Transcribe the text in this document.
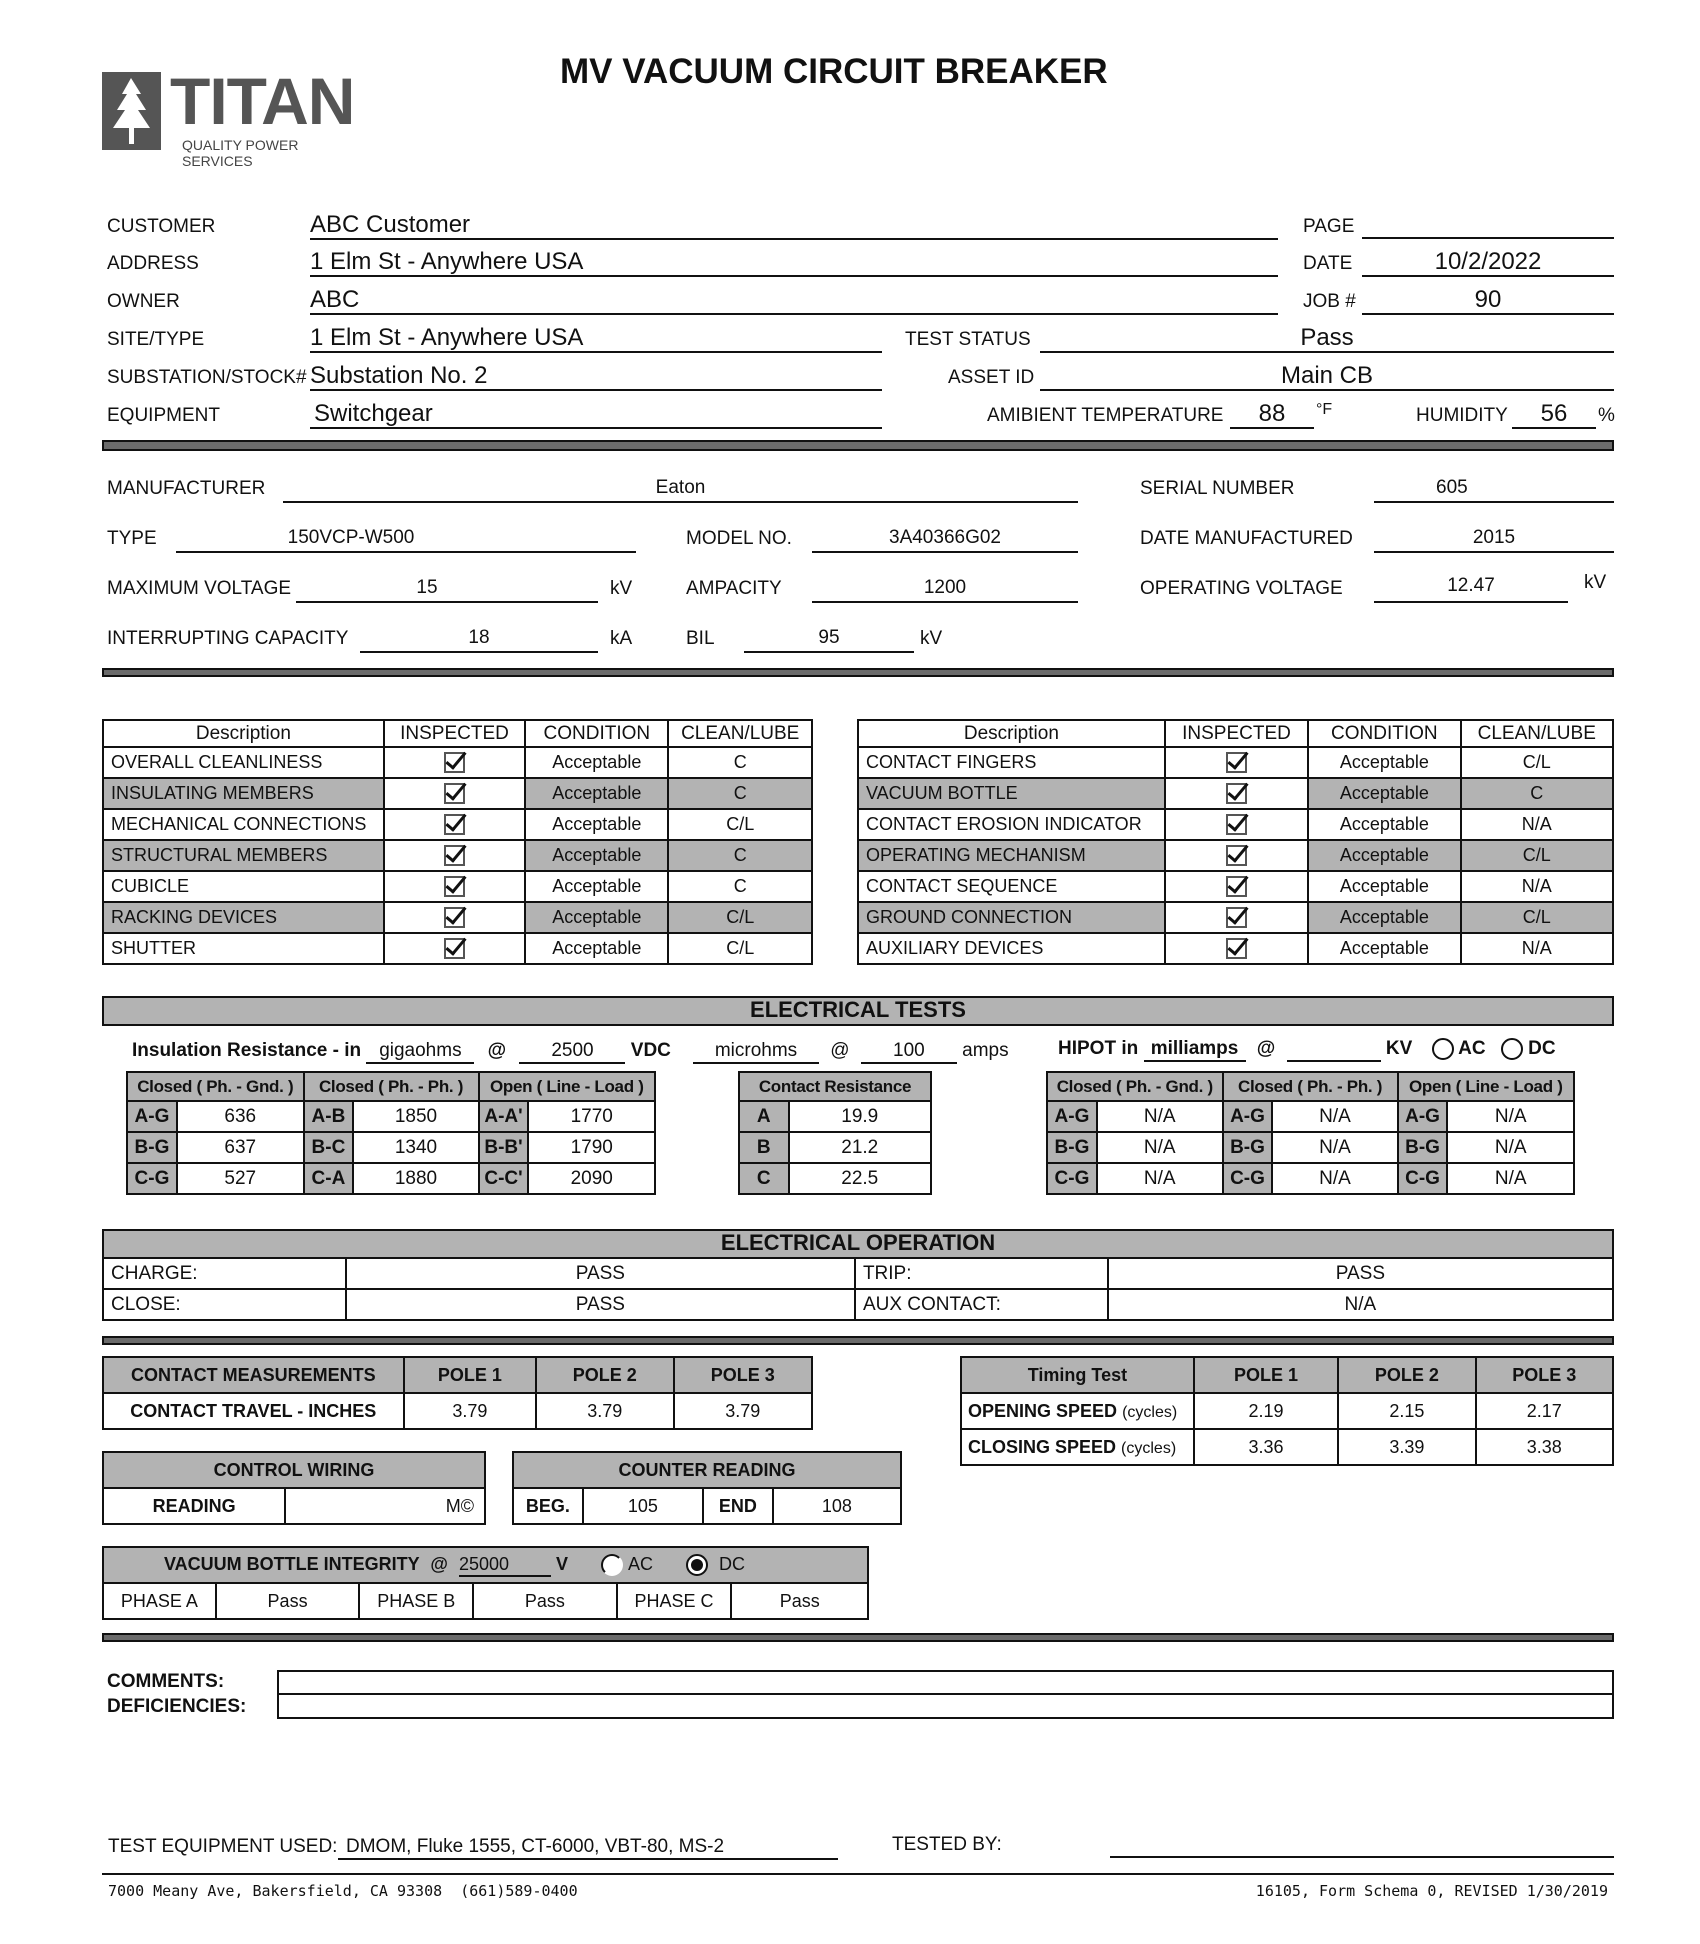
TITAN
QUALITY POWER SERVICES
MV VACUUM CIRCUIT BREAKER
CUSTOMER	ABC Customer
ADDRESS	1 Elm St - Anywhere USA
OWNER	ABC
SITE/TYPE	1 Elm St - Anywhere USA
SUBSTATION/STOCK# Substation No. 2
EQUIPMENT	Switchgear
PAGE
DATE	10/2/2022
JOB #	90
TEST STATUS	Pass
ASSET ID	Main CB
AMIBIENT TEMPERATURE	88	°F	HUMIDITY	56	%
MANUFACTURER	Eaton	SERIAL NUMBER	605
TYPE	150VCP-W500	MODEL NO.	3A40366G02	DATE MANUFACTURED	2015
MAXIMUM VOLTAGE	15	kV	AMPACITY	1200	OPERATING VOLTAGE	12.47	kV
INTERRUPTING CAPACITY	18	kA	BIL	95	kV
Description	INSPECTED	CONDITION	CLEAN/LUBE
OVERALL CLEANLINESS		Acceptable	C
INSULATING MEMBERS		Acceptable	C
MECHANICAL CONNECTIONS		Acceptable	C/L
STRUCTURAL MEMBERS		Acceptable	C
CUBICLE		Acceptable	C
RACKING DEVICES		Acceptable	C/L
SHUTTER		Acceptable	C/L
Description	INSPECTED	CONDITION	CLEAN/LUBE
CONTACT FINGERS		Acceptable	C/L
VACUUM BOTTLE		Acceptable	C
CONTACT EROSION INDICATOR		Acceptable	N/A
OPERATING MECHANISM		Acceptable	C/L
CONTACT SEQUENCE		Acceptable	N/A
GROUND CONNECTION		Acceptable	C/L
AUXILIARY DEVICES		Acceptable	N/A
ELECTRICAL TESTS
Insulation Resistance - in gigaohms @ 2500 VDC	microhms @ 100 amps	HIPOT in milliamps @	KV AC DC
Closed ( Ph. - Gnd. )		Closed ( Ph. - Ph. )		Open ( Line - Load )	
A-G	636	A-B	1850	A-A'	1770
B-G	637	B-C	1340	B-B'	1790
C-G	527	C-A	1880	C-C'	2090
Contact Resistance	
A	19.9
B	21.2
C	22.5
Closed ( Ph. - Gnd. )		Closed ( Ph. - Ph. )		Open ( Line - Load )	
A-G	N/A	A-G	N/A	A-G	N/A
B-G	N/A	B-G	N/A	B-G	N/A
C-G	N/A	C-G	N/A	C-G	N/A
ELECTRICAL OPERATION
CHARGE:	PASS	TRIP:	PASS
CLOSE:	PASS	AUX CONTACT:	N/A
CONTACT MEASUREMENTS	POLE 1	POLE 2	POLE 3
CONTACT TRAVEL - INCHES	3.79	3.79	3.79
Timing Test	POLE 1	POLE 2	POLE 3
OPENING SPEED (cycles)	2.19	2.15	2.17
CLOSING SPEED (cycles)	3.36	3.39	3.38
CONTROL WIRING
READING	M©
COUNTER READING
BEG.	105	END	108
VACUUM BOTTLE INTEGRITY @ 25000	V	AC	DC
PHASE A	Pass	PHASE B	Pass	PHASE C	Pass
COMMENTS:
DEFICIENCIES:
TEST EQUIPMENT USED: DMOM, Fluke 1555, CT-6000, VBT-80, MS-2	TESTED BY:
7000 Meany Ave, Bakersfield, CA 93308  (661)589-0400	16105, Form Schema 0, REVISED 1/30/2019
